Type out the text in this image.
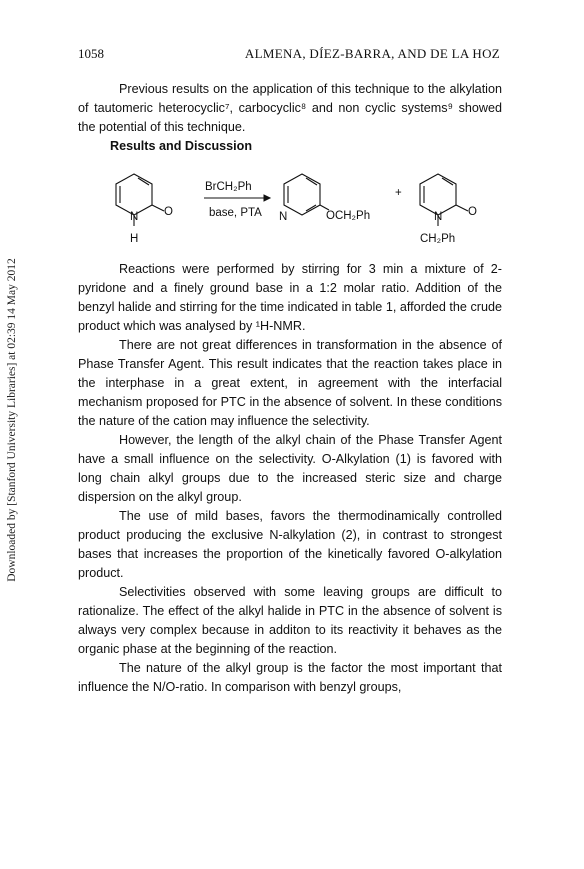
Downloaded by [Stanford University Libraries] at 02:39 14 May 2012
1058	ALMENA, DÍEZ-BARRA, AND DE LA HOZ

Previous results on the application of this technique to the alkylation of tautomeric heterocyclic⁷, carbocyclic⁸ and non cyclic systems⁹ showed the potential of this technique.

Results and Discussion

N O
H
BrCH₂Ph
base, PTA N	OCH₂Ph
+
N O
CH₂Ph

Reactions were performed by stirring for 3 min a mixture of 2-pyridone and a finely ground base in a 1:2 molar ratio. Addition of the benzyl halide and stirring for the time indicated in table 1, afforded the crude product which was analysed by ¹H-NMR.

There are not great differences in transformation in the absence of Phase Transfer Agent. This result indicates that the reaction takes place in the interphase in a great extent, in agreement with the interfacial mechanism proposed for PTC in the absence of solvent. In these conditions the nature of the cation may influence the selectivity.

However, the length of the alkyl chain of the Phase Transfer Agent have a small influence on the selectivity. O-Alkylation (1) is favored with long chain alkyl groups due to the increased steric size and charge dispersion on the alkyl group.

The use of mild bases, favors the thermodinamically controlled product producing the exclusive N-alkylation (2), in contrast to strongest bases that increases the proportion of the kinetically favored O-alkylation product.

Selectivities observed with some leaving groups are difficult to rationalize. The effect of the alkyl halide in PTC in the absence of solvent is always very complex because in additon to its reactivity it behaves as the organic phase at the beginning of the reaction.

The nature of the alkyl group is the factor the most important that influence the N/O-ratio. In comparison with benzyl groups,
